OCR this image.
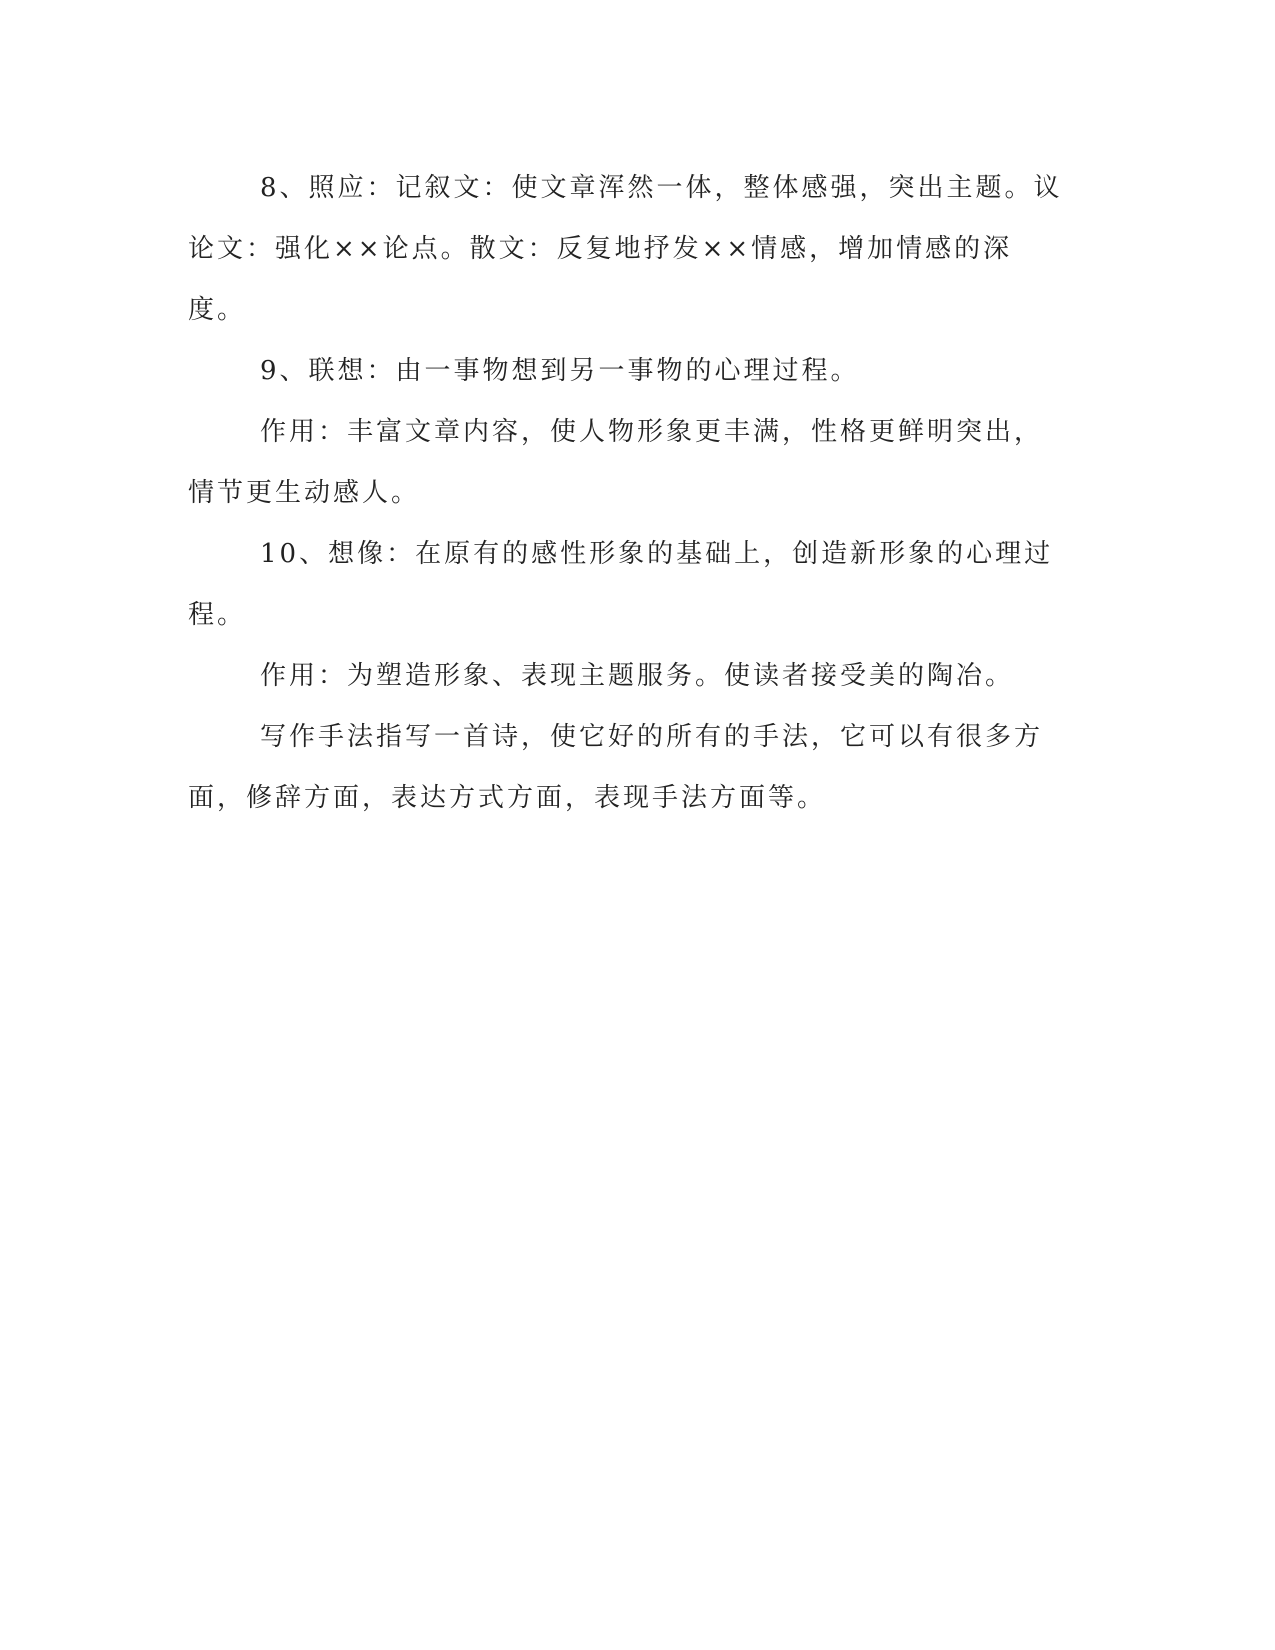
8、照应：记叙文：使文章浑然一体，整体感强，突出主题。议论文：强化××论点。散文：反复地抒发××情感，增加情感的深度。

9、联想：由一事物想到另一事物的心理过程。

作用：丰富文章内容，使人物形象更丰满，性格更鲜明突出，情节更生动感人。

10、想像：在原有的感性形象的基础上，创造新形象的心理过程。

作用：为塑造形象、表现主题服务。使读者接受美的陶冶。

写作手法指写一首诗，使它好的所有的手法，它可以有很多方面，修辞方面，表达方式方面，表现手法方面等。
